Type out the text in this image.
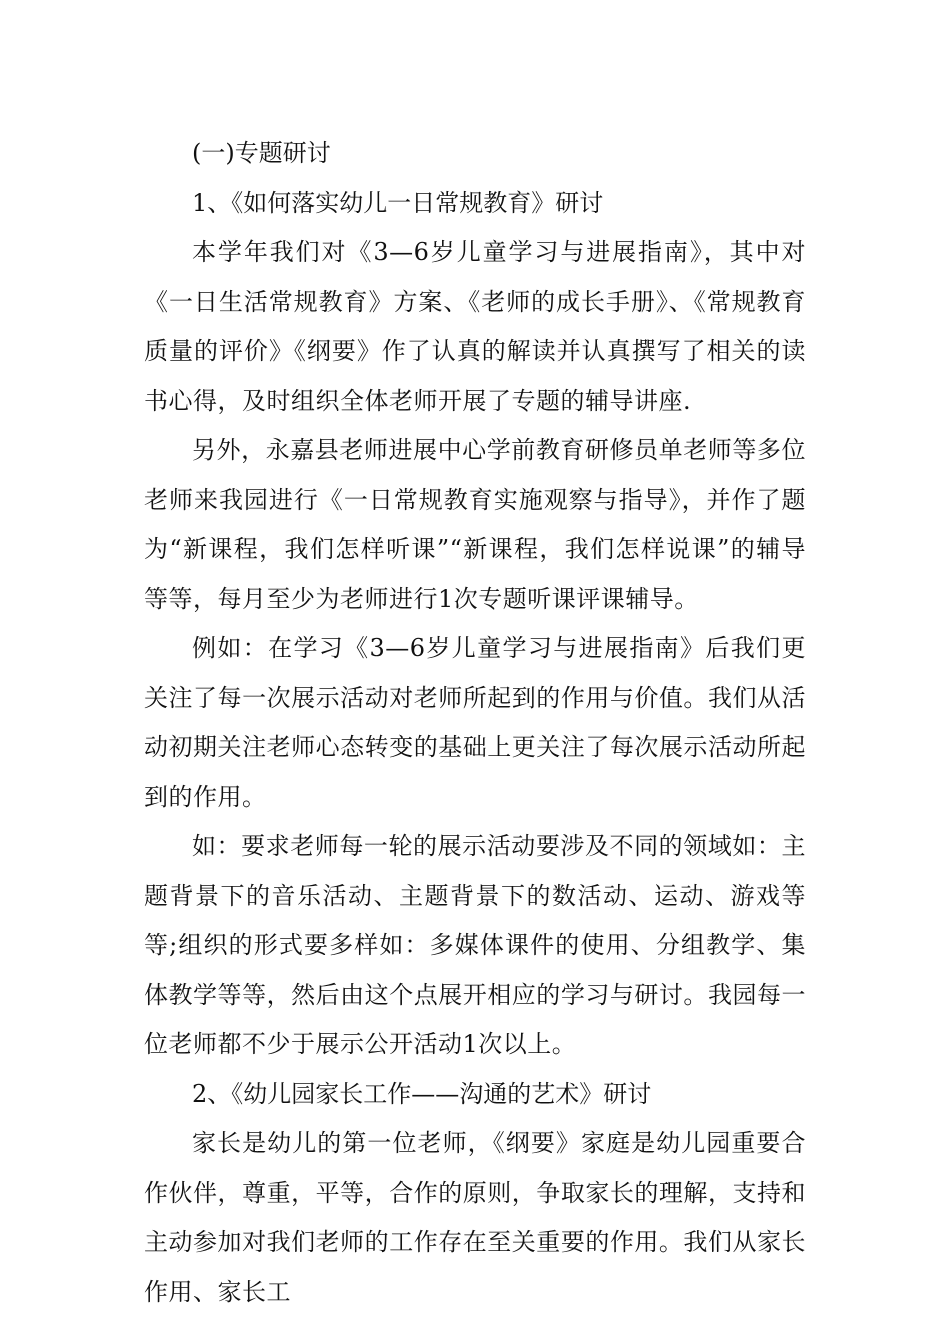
(一)专题研讨

1、《如何落实幼儿一日常规教育》研讨

本学年我们对《3—6岁儿童学习与进展指南》，其中对《一日生活常规教育》方案、《老师的成长手册》、《常规教育质量的评价》《纲要》作了认真的解读并认真撰写了相关的读书心得，及时组织全体老师开展了专题的辅导讲座.

另外，永嘉县老师进展中心学前教育研修员单老师等多位老师来我园进行《一日常规教育实施观察与指导》，并作了题为“新课程，我们怎样听课”“新课程，我们怎样说课”的辅导等等，每月至少为老师进行1次专题听课评课辅导。

例如：在学习《3—6岁儿童学习与进展指南》后我们更关注了每一次展示活动对老师所起到的作用与价值。我们从活动初期关注老师心态转变的基础上更关注了每次展示活动所起到的作用。

如：要求老师每一轮的展示活动要涉及不同的领域如：主题背景下的音乐活动、主题背景下的数活动、运动、游戏等等;组织的形式要多样如：多媒体课件的使用、分组教学、集体教学等等，然后由这个点展开相应的学习与研讨。我园每一位老师都不少于展示公开活动1次以上。

2、《幼儿园家长工作——沟通的艺术》研讨

家长是幼儿的第一位老师，《纲要》家庭是幼儿园重要合作伙伴，尊重，平等，合作的原则，争取家长的理解，支持和主动参加对我们老师的工作存在至关重要的作用。我们从家长作用、家长工
